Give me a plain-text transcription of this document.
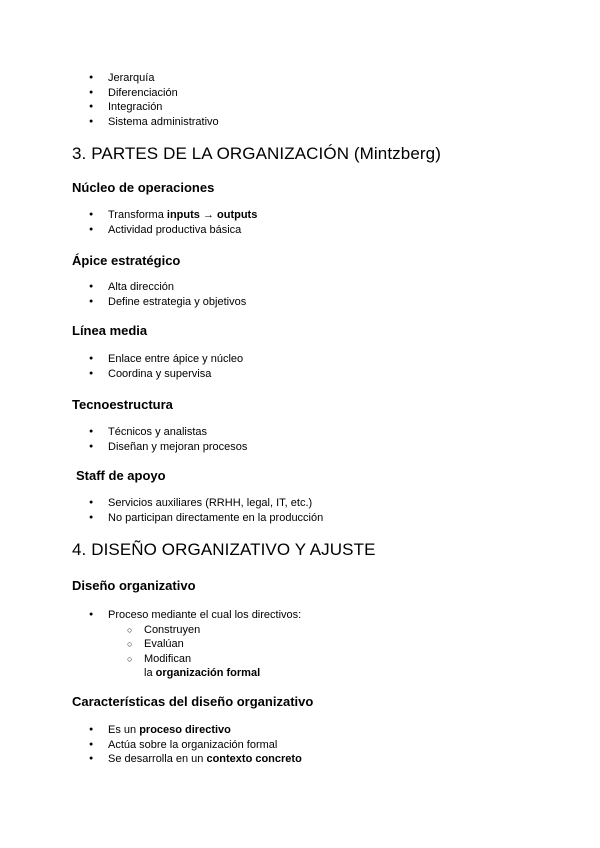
● Jerarquía
● Diferenciación
● Integración
● Sistema administrativo
3. PARTES DE LA ORGANIZACIÓN (Mintzberg)
Núcleo de operaciones
● Transforma inputs → outputs
● Actividad productiva básica
Ápice estratégico
● Alta dirección
● Define estrategia y objetivos
Línea media
● Enlace entre ápice y núcleo
● Coordina y supervisa
Tecnoestructura
● Técnicos y analistas
● Diseñan y mejoran procesos
Staff de apoyo
● Servicios auxiliares (RRHH, legal, IT, etc.)
● No participan directamente en la producción
4. DISEÑO ORGANIZATIVO Y AJUSTE
Diseño organizativo
● Proceso mediante el cual los directivos:
○ Construyen
○ Evalúan
○ Modifican
la organización formal
Características del diseño organizativo
● Es un proceso directivo
● Actúa sobre la organización formal
● Se desarrolla en un contexto concreto
